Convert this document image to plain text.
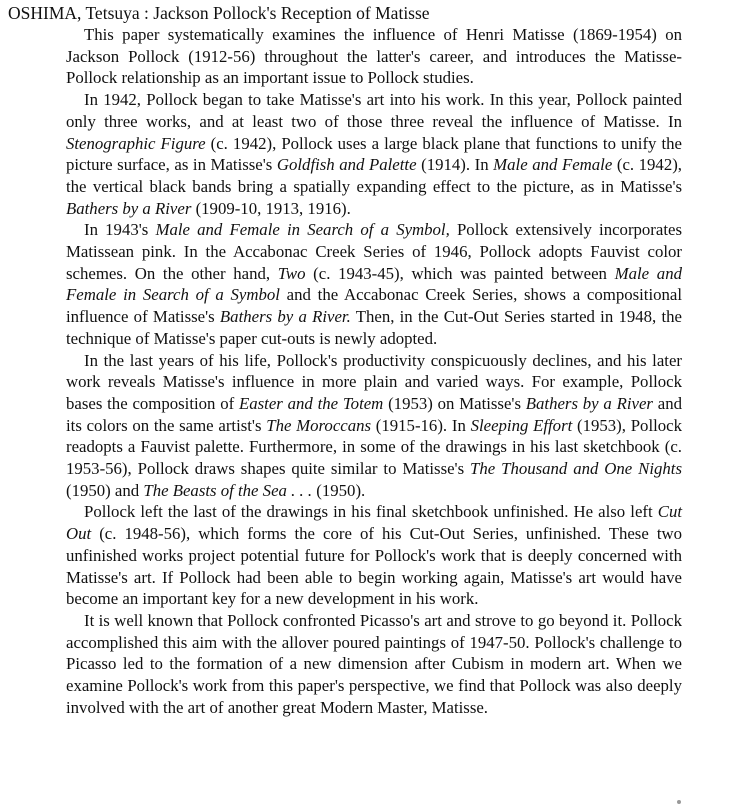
OSHIMA, Tetsuya : Jackson Pollock's Reception of Matisse

This paper systematically examines the influence of Henri Matisse (1869-1954) on Jackson Pollock (1912-56) throughout the latter's career, and introduces the Matisse-Pollock relationship as an important issue to Pollock studies.

In 1942, Pollock began to take Matisse's art into his work. In this year, Pollock painted only three works, and at least two of those three reveal the influence of Matisse. In Stenographic Figure (c. 1942), Pollock uses a large black plane that functions to unify the picture surface, as in Matisse's Goldfish and Palette (1914). In Male and Female (c. 1942), the vertical black bands bring a spatially expanding effect to the picture, as in Matisse's Bathers by a River (1909-10, 1913, 1916).

In 1943's Male and Female in Search of a Symbol, Pollock extensively incorporates Matissean pink. In the Accabonac Creek Series of 1946, Pollock adopts Fauvist color schemes. On the other hand, Two (c. 1943-45), which was painted between Male and Female in Search of a Symbol and the Accabonac Creek Series, shows a compositional influence of Matisse's Bathers by a River. Then, in the Cut-Out Series started in 1948, the technique of Matisse's paper cut-outs is newly adopted.

In the last years of his life, Pollock's productivity conspicuously declines, and his later work reveals Matisse's influence in more plain and varied ways. For example, Pollock bases the composition of Easter and the Totem (1953) on Matisse's Bathers by a River and its colors on the same artist's The Moroccans (1915-16). In Sleeping Effort (1953), Pollock readopts a Fauvist palette. Furthermore, in some of the drawings in his last sketchbook (c. 1953-56), Pollock draws shapes quite similar to Matisse's The Thousand and One Nights (1950) and The Beasts of the Sea . . . (1950).

Pollock left the last of the drawings in his final sketchbook unfinished. He also left Cut Out (c. 1948-56), which forms the core of his Cut-Out Series, unfinished. These two unfinished works project potential future for Pollock's work that is deeply concerned with Matisse's art. If Pollock had been able to begin working again, Matisse's art would have become an important key for a new development in his work.

It is well known that Pollock confronted Picasso's art and strove to go beyond it. Pollock accomplished this aim with the allover poured paintings of 1947-50. Pollock's challenge to Picasso led to the formation of a new dimension after Cubism in modern art. When we examine Pollock's work from this paper's perspective, we find that Pollock was also deeply involved with the art of another great Modern Master, Matisse.
